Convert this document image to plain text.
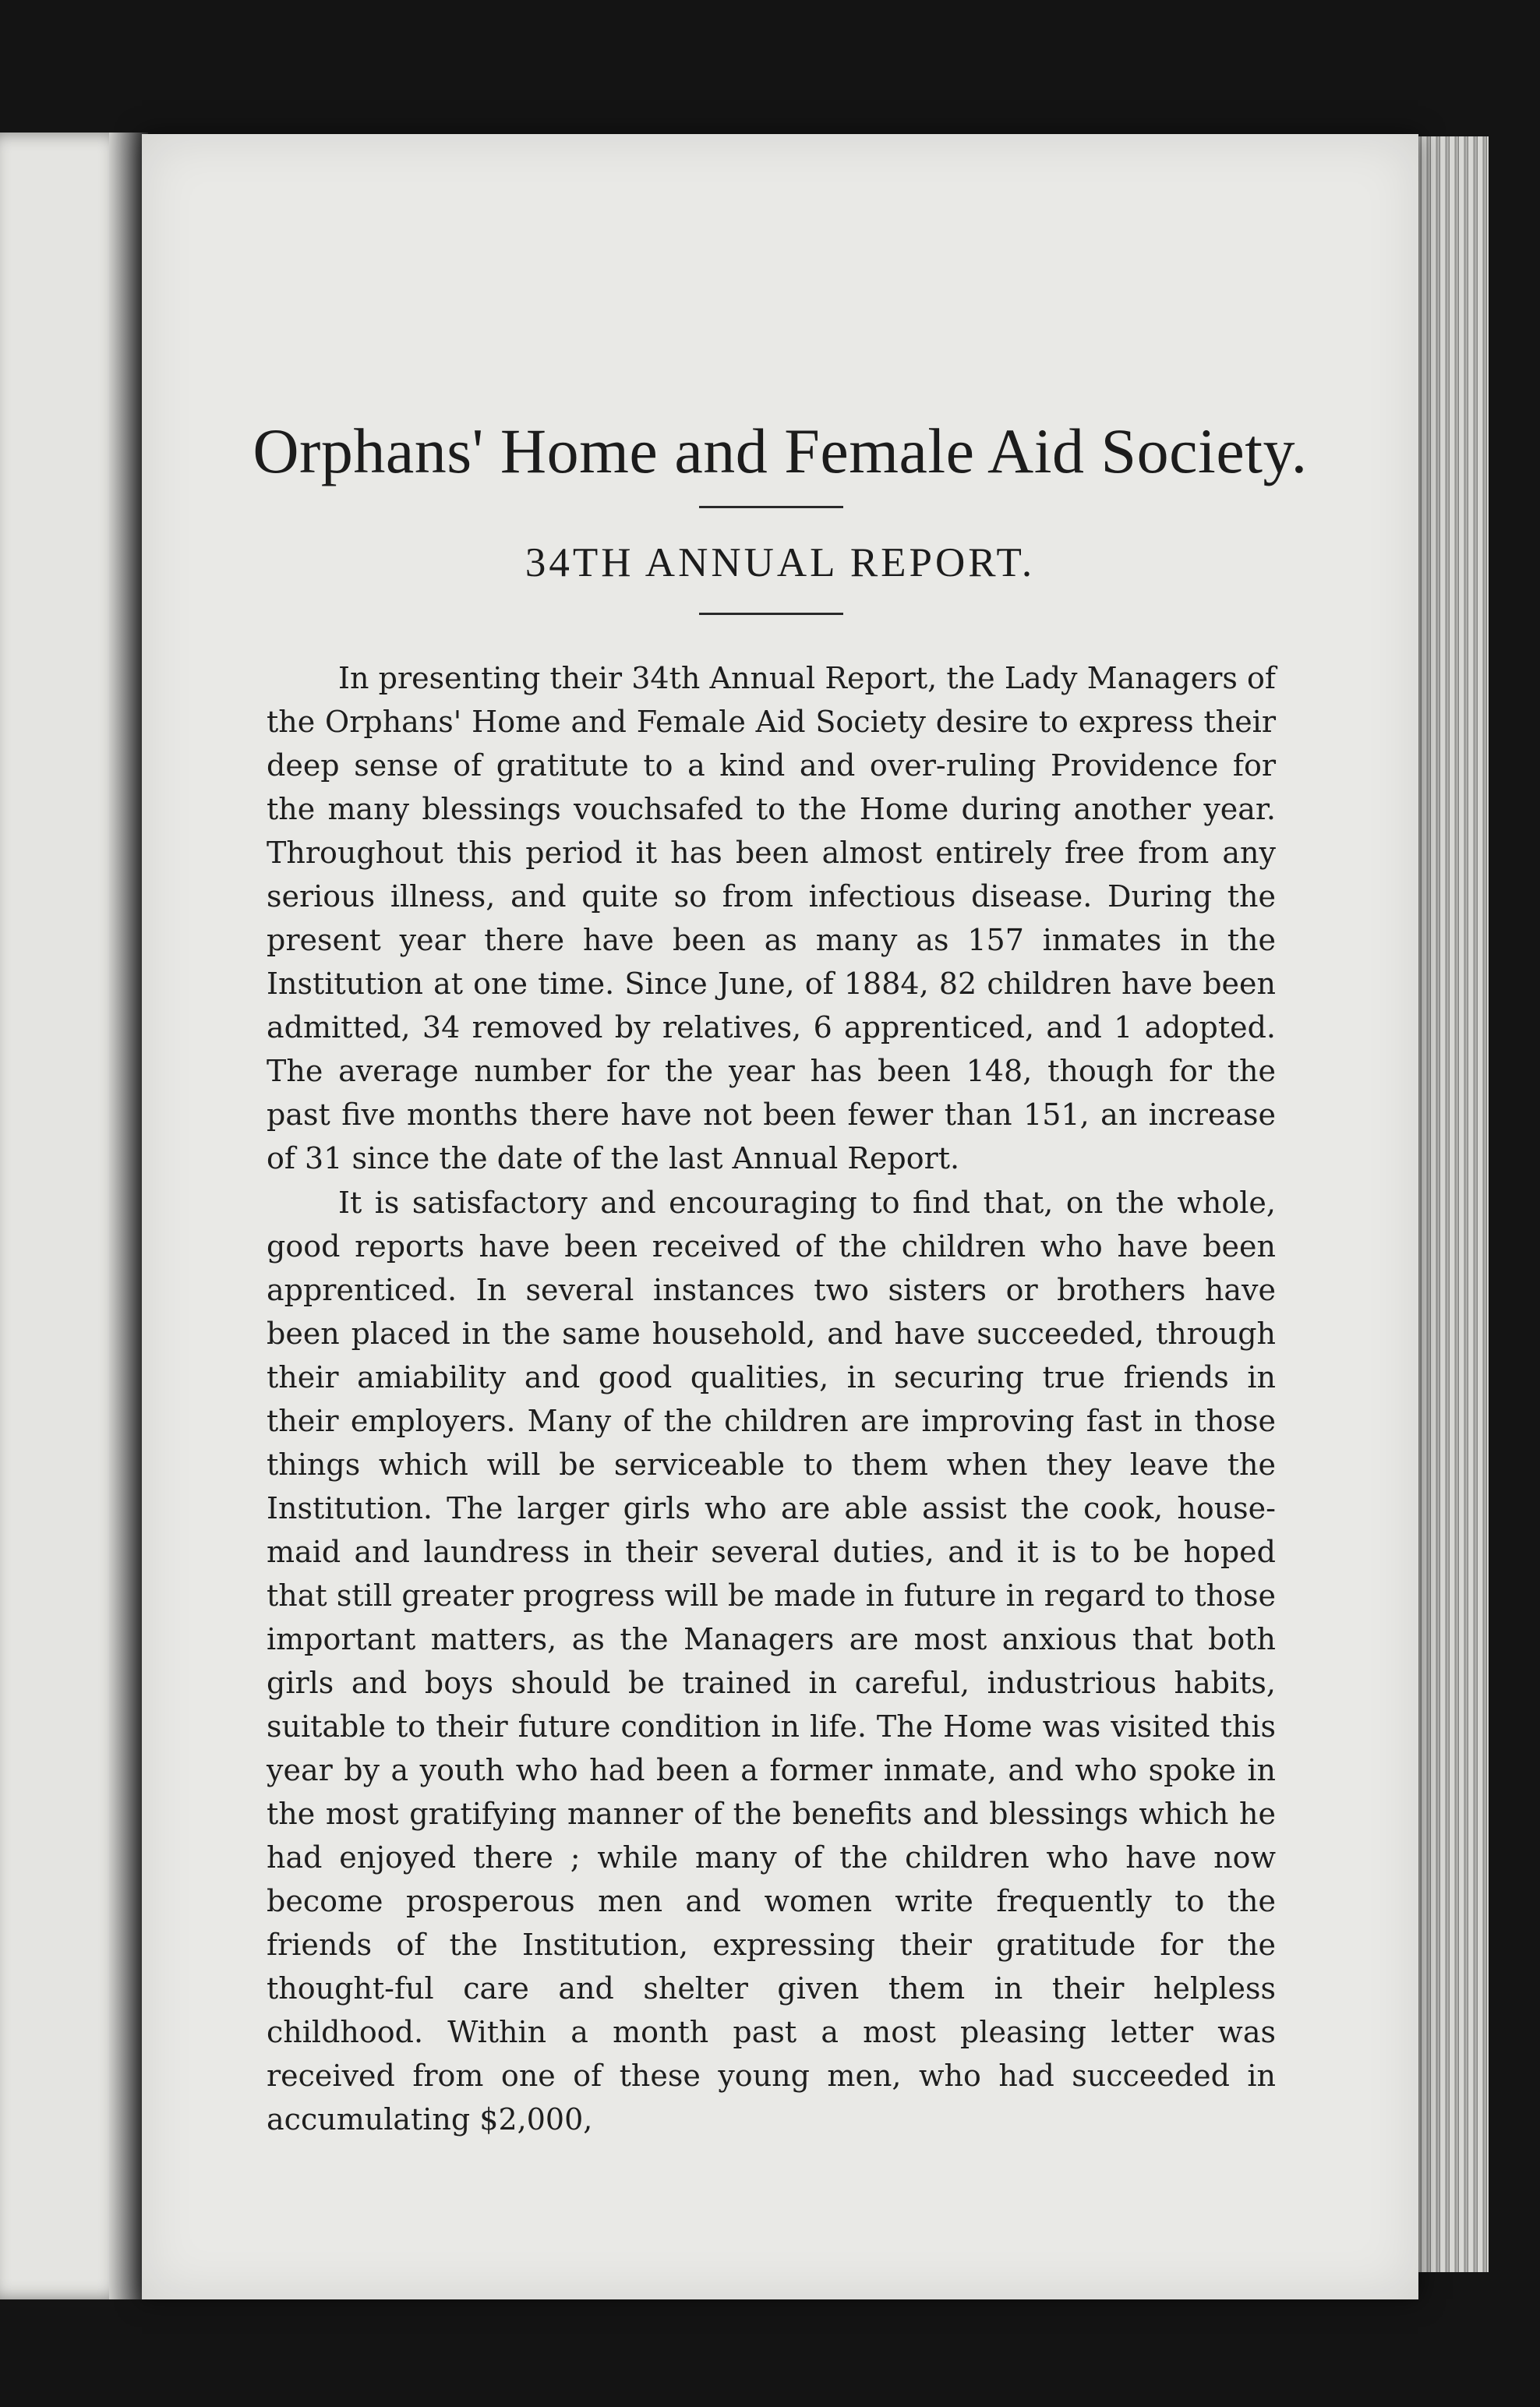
Orphans' Home and Female Aid Society.
34TH ANNUAL REPORT.

In presenting their 34th Annual Report, the Lady Managers of the Orphans' Home and Female Aid Society desire to express their deep sense of gratitute to a kind and over-ruling Providence for the many blessings vouchsafed to the Home during another year. Throughout this period it has been almost entirely free from any serious illness, and quite so from infectious disease. During the present year there have been as many as 157 inmates in the Institution at one time. Since June, of 1884, 82 children have been admitted, 34 removed by relatives, 6 apprenticed, and 1 adopted. The average number for the year has been 148, though for the past five months there have not been fewer than 151, an increase of 31 since the date of the last Annual Report.

It is satisfactory and encouraging to find that, on the whole, good reports have been received of the children who have been apprenticed. In several instances two sisters or brothers have been placed in the same household, and have succeeded, through their amiability and good qualities, in securing true friends in their employers. Many of the children are improving fast in those things which will be serviceable to them when they leave the Institution. The larger girls who are able assist the cook, house-maid and laundress in their several duties, and it is to be hoped that still greater progress will be made in future in regard to those important matters, as the Managers are most anxious that both girls and boys should be trained in careful, industrious habits, suitable to their future condition in life. The Home was visited this year by a youth who had been a former inmate, and who spoke in the most gratifying manner of the benefits and blessings which he had enjoyed there ; while many of the children who have now become prosperous men and women write frequently to the friends of the Institution, expressing their gratitude for the thought-ful care and shelter given them in their helpless childhood. Within a month past a most pleasing letter was received from one of these young men, who had succeeded in accumulating $2,000,
